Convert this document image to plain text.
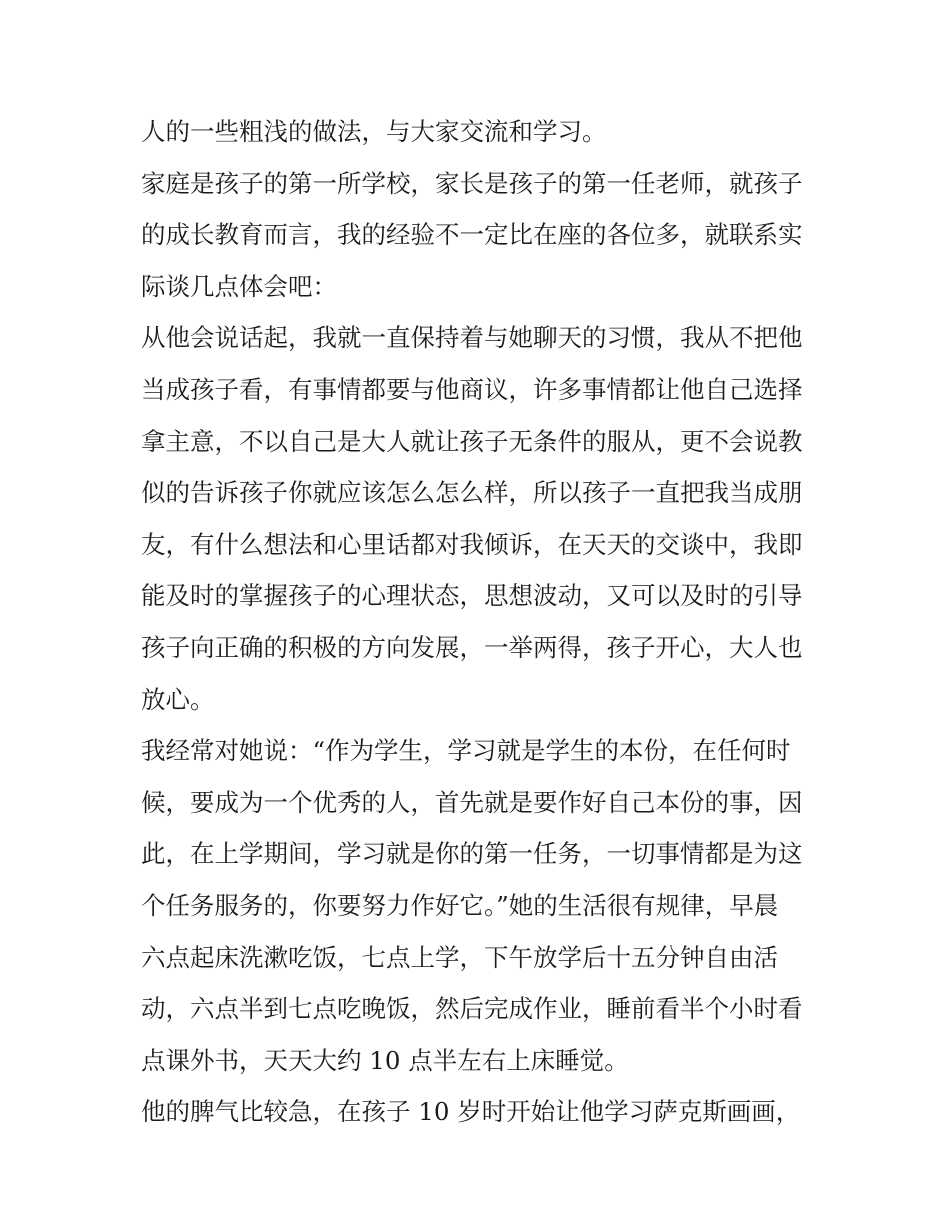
人的一些粗浅的做法，与大家交流和学习。
家庭是孩子的第一所学校，家长是孩子的第一任老师，就孩子
的成长教育而言，我的经验不一定比在座的各位多，就联系实
际谈几点体会吧：
从他会说话起，我就一直保持着与她聊天的习惯，我从不把他
当成孩子看，有事情都要与他商议，许多事情都让他自己选择
拿主意，不以自己是大人就让孩子无条件的服从，更不会说教
似的告诉孩子你就应该怎么怎么样，所以孩子一直把我当成朋
友，有什么想法和心里话都对我倾诉，在天天的交谈中，我即
能及时的掌握孩子的心理状态，思想波动，又可以及时的引导
孩子向正确的积极的方向发展，一举两得，孩子开心，大人也
放心。
我经常对她说：“作为学生，学习就是学生的本份，在任何时
候，要成为一个优秀的人，首先就是要作好自己本份的事，因
此，在上学期间，学习就是你的第一任务，一切事情都是为这
个任务服务的，你要努力作好它。”她的生活很有规律，早晨
六点起床洗漱吃饭，七点上学，下午放学后十五分钟自由活
动，六点半到七点吃晚饭，然后完成作业，睡前看半个小时看
点课外书，天天大约 10 点半左右上床睡觉。
他的脾气比较急，在孩子 10 岁时开始让他学习萨克斯画画，
